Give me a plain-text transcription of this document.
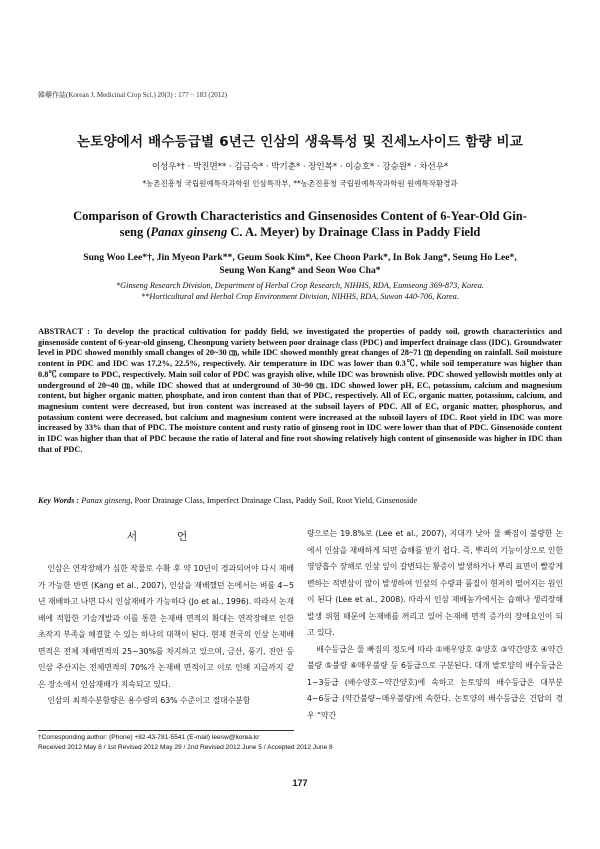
韓藥作誌(Korean J. Medicinal Crop Sci.) 20(3) : 177 − 183 (2012)
논토양에서 배수등급별 6년근 인삼의 생육특성 및 진세노사이드 함량 비교
이성우*† · 박진면** · 김금숙* · 박기춘* · 장인복* · 이승호* · 강승원* · 차선우*
*농촌진흥청 국립원예특작과학원 인삼특작부, **농촌진흥청 국립원예특작과학원 원예특작환경과
Comparison of Growth Characteristics and Ginsenosides Content of 6-Year-Old Gin-
seng (Panax ginseng C. A. Meyer) by Drainage Class in Paddy Field
Sung Woo Lee*†, Jin Myeon Park**, Geum Sook Kim*, Kee Choon Park*, In Bok Jang*, Seung Ho Lee*,
Seung Won Kang* and Seon Woo Cha*
*Ginseng Research Division, Department of Herbal Crop Research, NIHHS, RDA, Eumseong 369-873, Korea.
**Horticultural and Herbal Crop Environment Division, NIHHS, RDA, Suwon 440-706, Korea.
ABSTRACT : To develop the practical cultivation for paddy field, we investigated the properties of paddy soil, growth characteristics and ginsenoside content of 6-year-old ginseng, Cheonpung variety between poor drainage class (PDC) and imperfect drainage class (IDC). Groundwater level in PDC showed monthly small changes of 20~30 ㎝, while IDC showed monthly great changes of 28~71 ㎝ depending on rainfall. Soil moisture content in PDC and IDC was 17.2%, 22.5%, respectively. Air temperature in IDC was lower than 0.3℃, while soil temperature was higher than 0.8℃ compare to PDC, respectively. Main soil color of PDC was grayish olive, while IDC was brownish olive. PDC showed yellowish mottles only at underground of 20~40 ㎝, while IDC showed that at underground of 30~90 ㎝. IDC showed lower pH, EC, potassium, calcium and magnesium content, but higher organic matter, phosphate, and iron content than that of PDC, respectively. All of EC, organic matter, potassium, calcium, and magnesium content were decreased, but iron content was increased at the subsoil layers of PDC. All of EC, organic matter, phosphorus, and potassium content were decreased, but calcium and magnesium content were increased at the subsoil layers of IDC. Root yield in IDC was more increased by 33% than that of PDC. The moisture content and rusty ratio of ginseng root in IDC were lower than that of PDC. Ginsenoside content in IDC was higher than that of PDC because the ratio of lateral and fine root showing relatively high content of ginsenoside was higher in IDC than that of PDC.
Key Words : Panax ginseng, Poor Drainage Class, Imperfect Drainage Class, Paddy Soil, Root Yield, Ginsenoside
서 언

인삼은 연작장해가 심한 작물로 수확 후 약 10년이 경과되어야 다시 재배가 가능한 반면 (Kang et al., 2007), 인삼을 재배했던 논에서는 벼를 4~5년 재배하고 나면 다시 인삼재배가 가능하다 (Jo et al., 1996). 따라서 논재배에 적합한 기술개발과 이를 통한 논재배 면적의 확대는 연작장해로 인한 초작지 부족을 해결할 수 있는 하나의 대책이 된다. 현재 전국의 인삼 논재배 면적은 전체 재배면적의 25~30%를 차지하고 있으며, 금산, 풍기, 진안 등 인삼 주산지는 전체면적의 70%가 논재배 면적이고 이로 인해 지금까지 같은 장소에서 인삼재배가 지속되고 있다.

인삼의 최적수분함량은 용수량의 63% 수준이고 절대수분함

량으로는 19.8%로 (Lee et al., 2007), 지대가 낮아 물 빠짐이 불량한 논에서 인삼을 재배하게 되면 습해를 받기 쉽다. 즉, 뿌리의 기능이상으로 인한 영양흡수 장해로 인삼 잎이 갈변되는 황증이 발생하거나 뿌리 표면이 빨갛게 변하는 적변삼이 많이 발생하여 인삼의 수량과 품질이 현저히 떨어지는 원인이 된다 (Lee et al., 2008). 따라서 인삼 재배농가에서는 습해나 생리장해 발생 위험 때문에 논재배를 꺼리고 있어 논재배 면적 증가의 장애요인이 되고 있다.

배수등급은 물 빠짐의 정도에 따라 ①배우양호 ②양호 ③약간양호 ④약간불량 ⑤불량 ⑥매우불량 등 6등급으로 구분된다. 대개 밭토양의 배수등급은 1~3등급 (배수양호~약간양호)에 속하고 논토양의 배수등급은 대부분 4~6등급 (약간불량~매우불량)에 속한다. 논토양의 배수등급은 건답의 경우 “약간

†Corresponding author: (Phone) +82-43-781-5541 (E-mail) leesw@korea.kr
Received 2012 May 8 / 1st Revised 2012 May 29 / 2nd Revised 2012 June 5 / Accepted 2012 June 8
177
